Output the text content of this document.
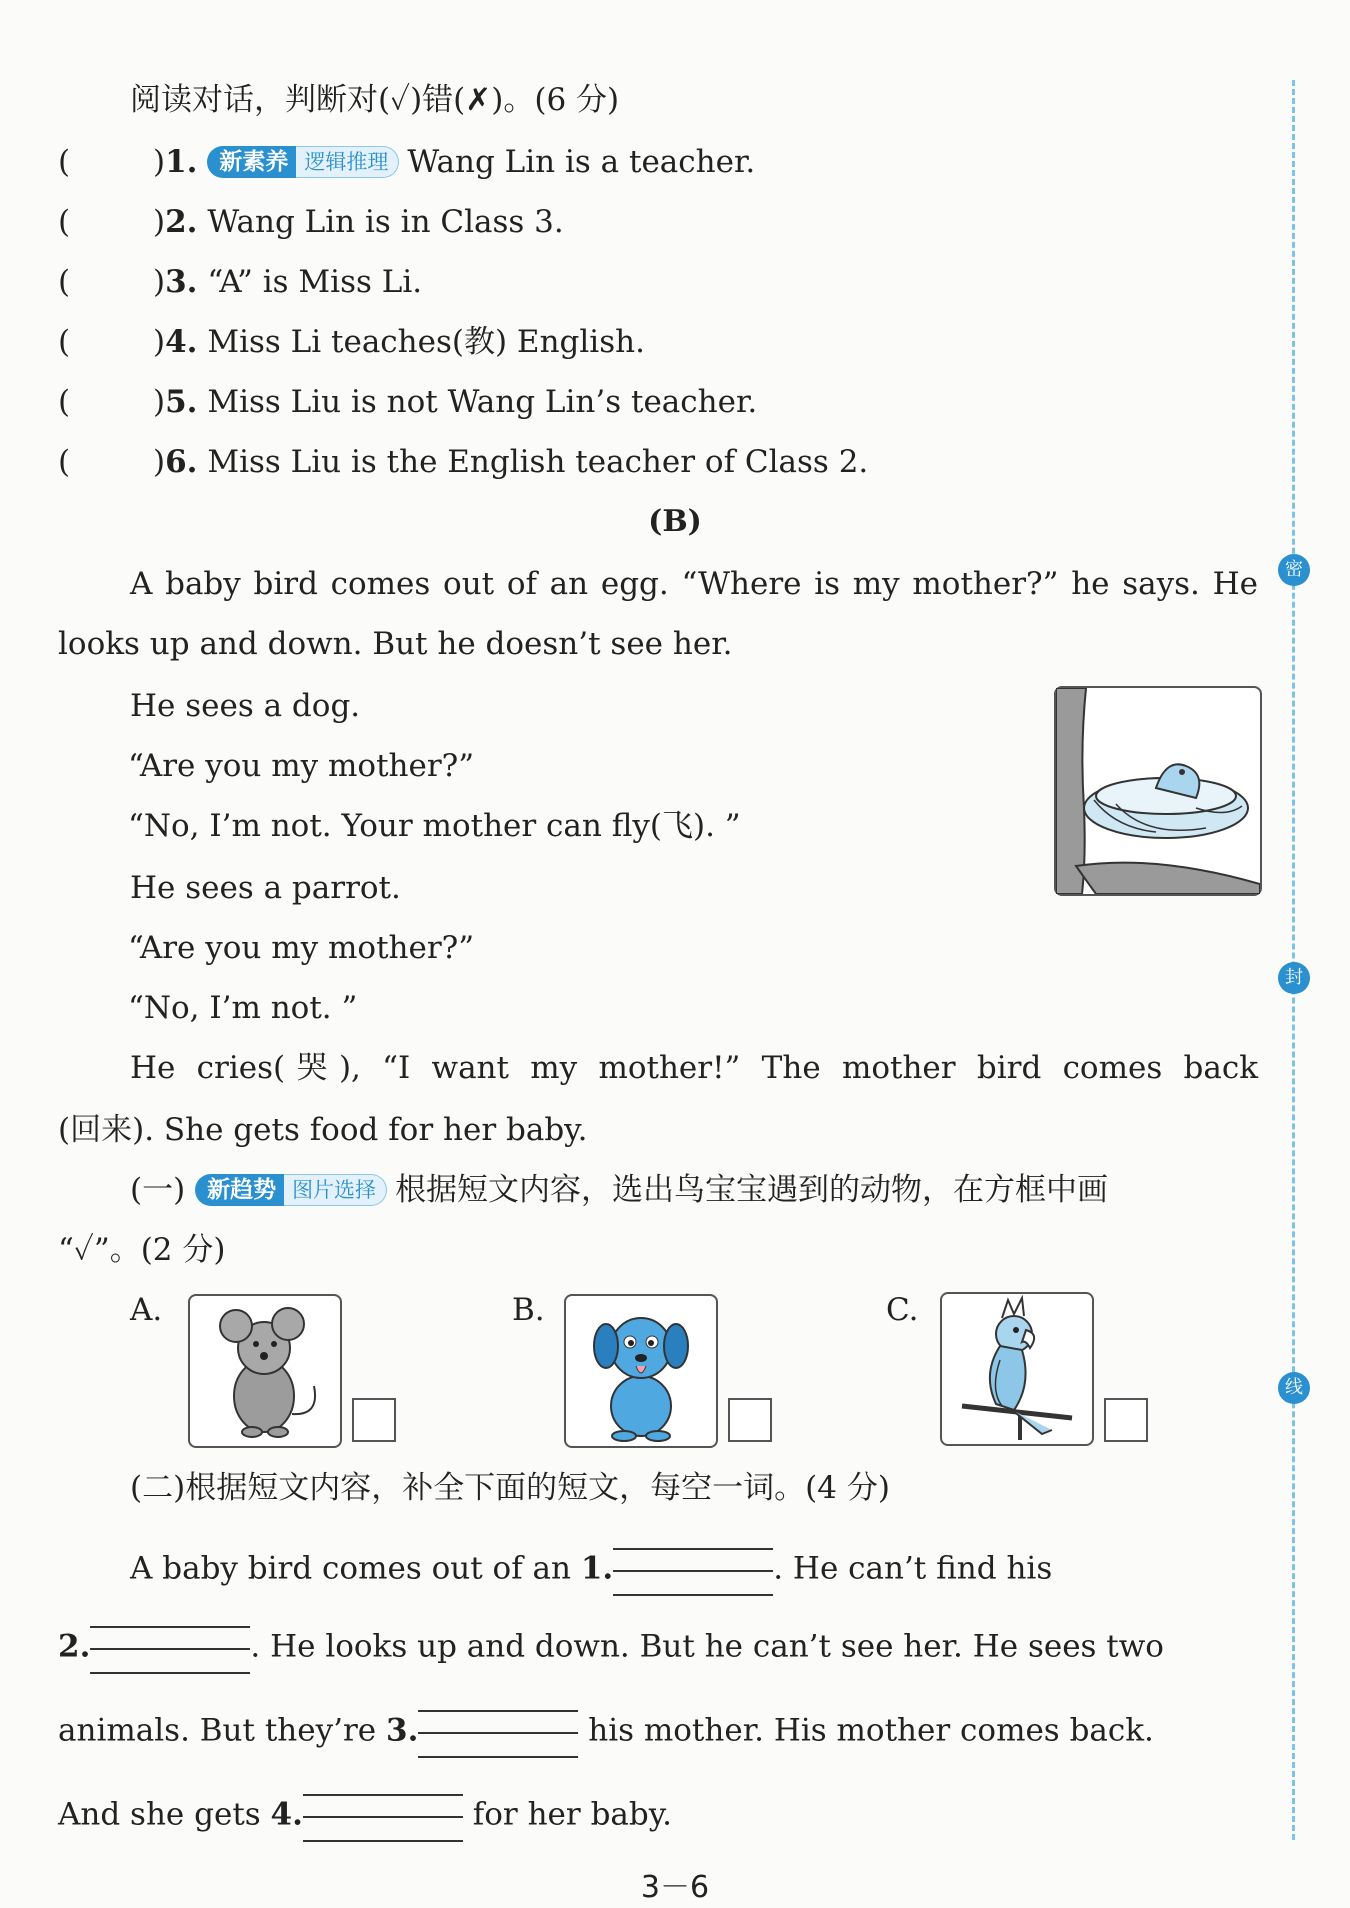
阅读对话，判断对(✓)错(✗)。(6 分)
(	)1. 新素养 逻辑推理 Wang Lin is a teacher.
(	)2. Wang Lin is in Class 3.
(	)3. “A” is Miss Li.
(	)4. Miss Li teaches(教) English.
(	)5. Miss Liu is not Wang Lin’s teacher.
(	)6. Miss Liu is the English teacher of Class 2.
(B)
A baby bird comes out of an egg. “Where is my mother?” he says. He
looks up and down. But he doesn’t see her.
He sees a dog.
“Are you my mother?”
“No, I’m not. Your mother can fly(飞). ”
He sees a parrot.
“Are you my mother?”
“No, I’m not. ”
He cries(哭), “I want my mother!” The mother bird comes back
(回来). She gets food for her baby.
(一) 新趋势 图片选择 根据短文内容，选出鸟宝宝遇到的动物，在方框中画
“✓”。(2 分)
A.	B.	C.
(二)根据短文内容，补全下面的短文，每空一词。(4 分)
A baby bird comes out of an 1.	. He can’t find his
2.	. He looks up and down. But he can’t see her. He sees two
animals. But they’re 3.	his mother. His mother comes back.
And she gets 4.	for her baby.
密
封
线
3－6
